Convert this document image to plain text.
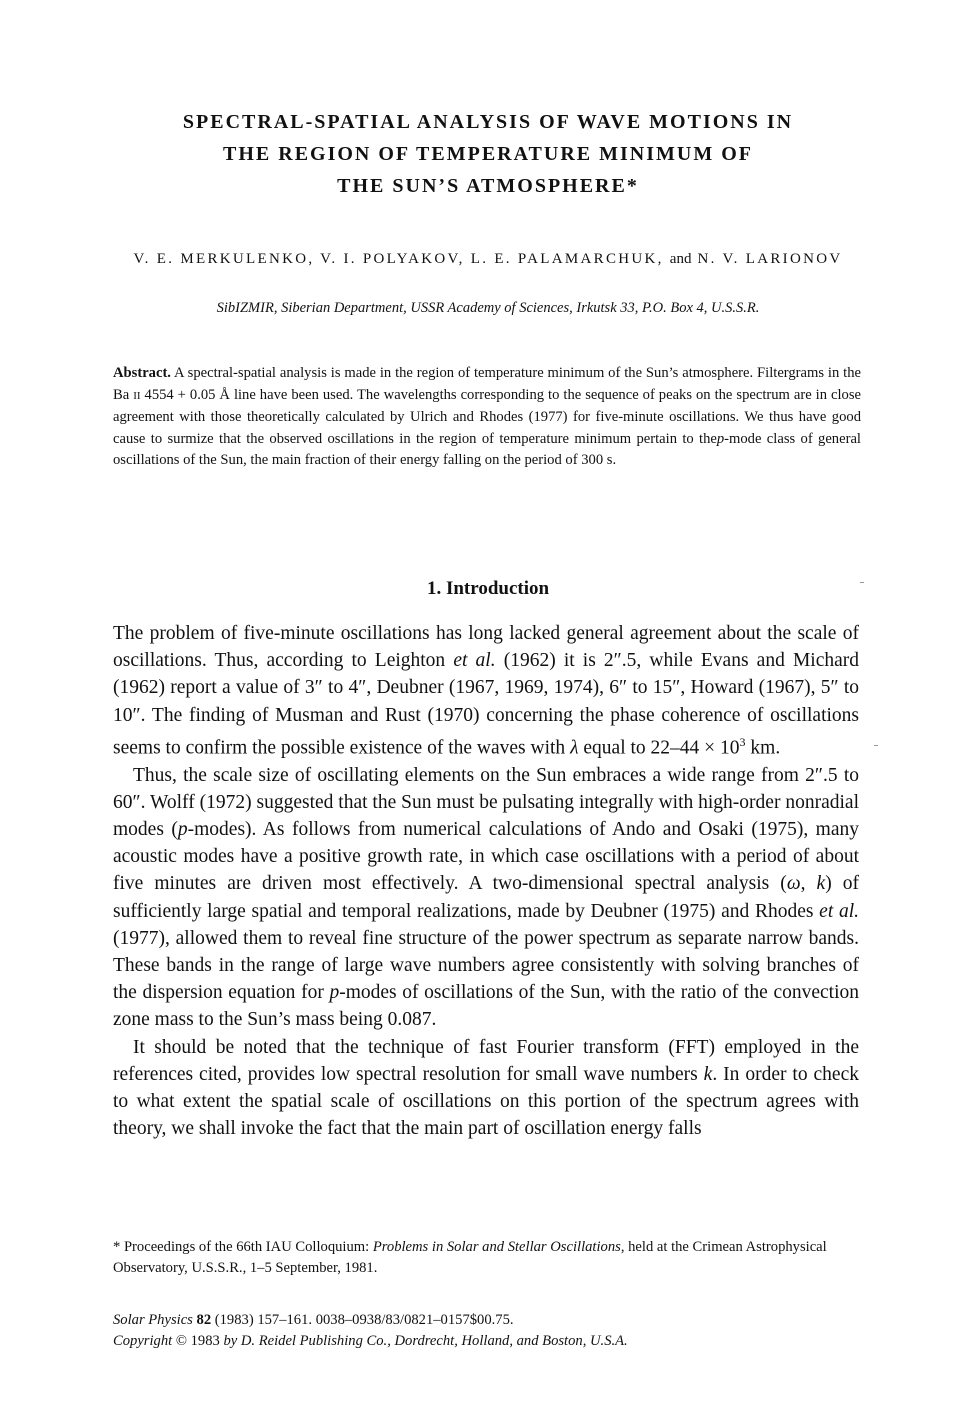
SPECTRAL-SPATIAL ANALYSIS OF WAVE MOTIONS IN
THE REGION OF TEMPERATURE MINIMUM OF
THE SUN’S ATMOSPHERE*
V. E. MERKULENKO, V. I. POLYAKOV, L. E. PALAMARCHUK, and N. V. LARIONOV
SibIZMIR, Siberian Department, USSR Academy of Sciences, Irkutsk 33, P.O. Box 4, U.S.S.R.
Abstract. A spectral-spatial analysis is made in the region of temperature minimum of the Sun’s atmosphere. Filtergrams in the Ba II 4554 + 0.05 Å line have been used. The wavelengths corresponding to the sequence of peaks on the spectrum are in close agreement with those theoretically calculated by Ulrich and Rhodes (1977) for five-minute oscillations. We thus have good cause to surmize that the observed oscillations in the region of temperature minimum pertain to thep-mode class of general oscillations of the Sun, the main fraction of their energy falling on the period of 300 s.
1. Introduction

The problem of five-minute oscillations has long lacked general agreement about the scale of oscillations. Thus, according to Leighton et al. (1962) it is 2″.5, while Evans and Michard (1962) report a value of 3″ to 4″, Deubner (1967, 1969, 1974), 6″ to 15″, Howard (1967), 5″ to 10″. The finding of Musman and Rust (1970) concerning the phase coherence of oscillations seems to confirm the possible existence of the waves with λ equal to $22-44 \times 10^3$ km.

Thus, the scale size of oscillating elements on the Sun embraces a wide range from 2″.5 to 60″. Wolff (1972) suggested that the Sun must be pulsating integrally with high-order nonradial modes (p-modes). As follows from numerical calculations of Ando and Osaki (1975), many acoustic modes have a positive growth rate, in which case oscillations with a period of about five minutes are driven most effectively. A two-dimensional spectral analysis (ω, k) of sufficiently large spatial and temporal realizations, made by Deubner (1975) and Rhodes et al. (1977), allowed them to reveal fine structure of the power spectrum as separate narrow bands. These bands in the range of large wave numbers agree consistently with solving branches of the dispersion equation for p-modes of oscillations of the Sun, with the ratio of the convection zone mass to the Sun’s mass being 0.087.

It should be noted that the technique of fast Fourier transform (FFT) employed in the references cited, provides low spectral resolution for small wave numbers k. In order to check to what extent the spatial scale of oscillations on this portion of the spectrum agrees with theory, we shall invoke the fact that the main part of oscillation energy falls

* Proceedings of the 66th IAU Colloquium: Problems in Solar and Stellar Oscillations, held at the Crimean Astrophysical Observatory, U.S.S.R., 1–5 September, 1981.
Solar Physics 82 (1983) 157–161. 0038–0938/83/0821–0157$00.75.
Copyright © 1983 by D. Reidel Publishing Co., Dordrecht, Holland, and Boston, U.S.A.
